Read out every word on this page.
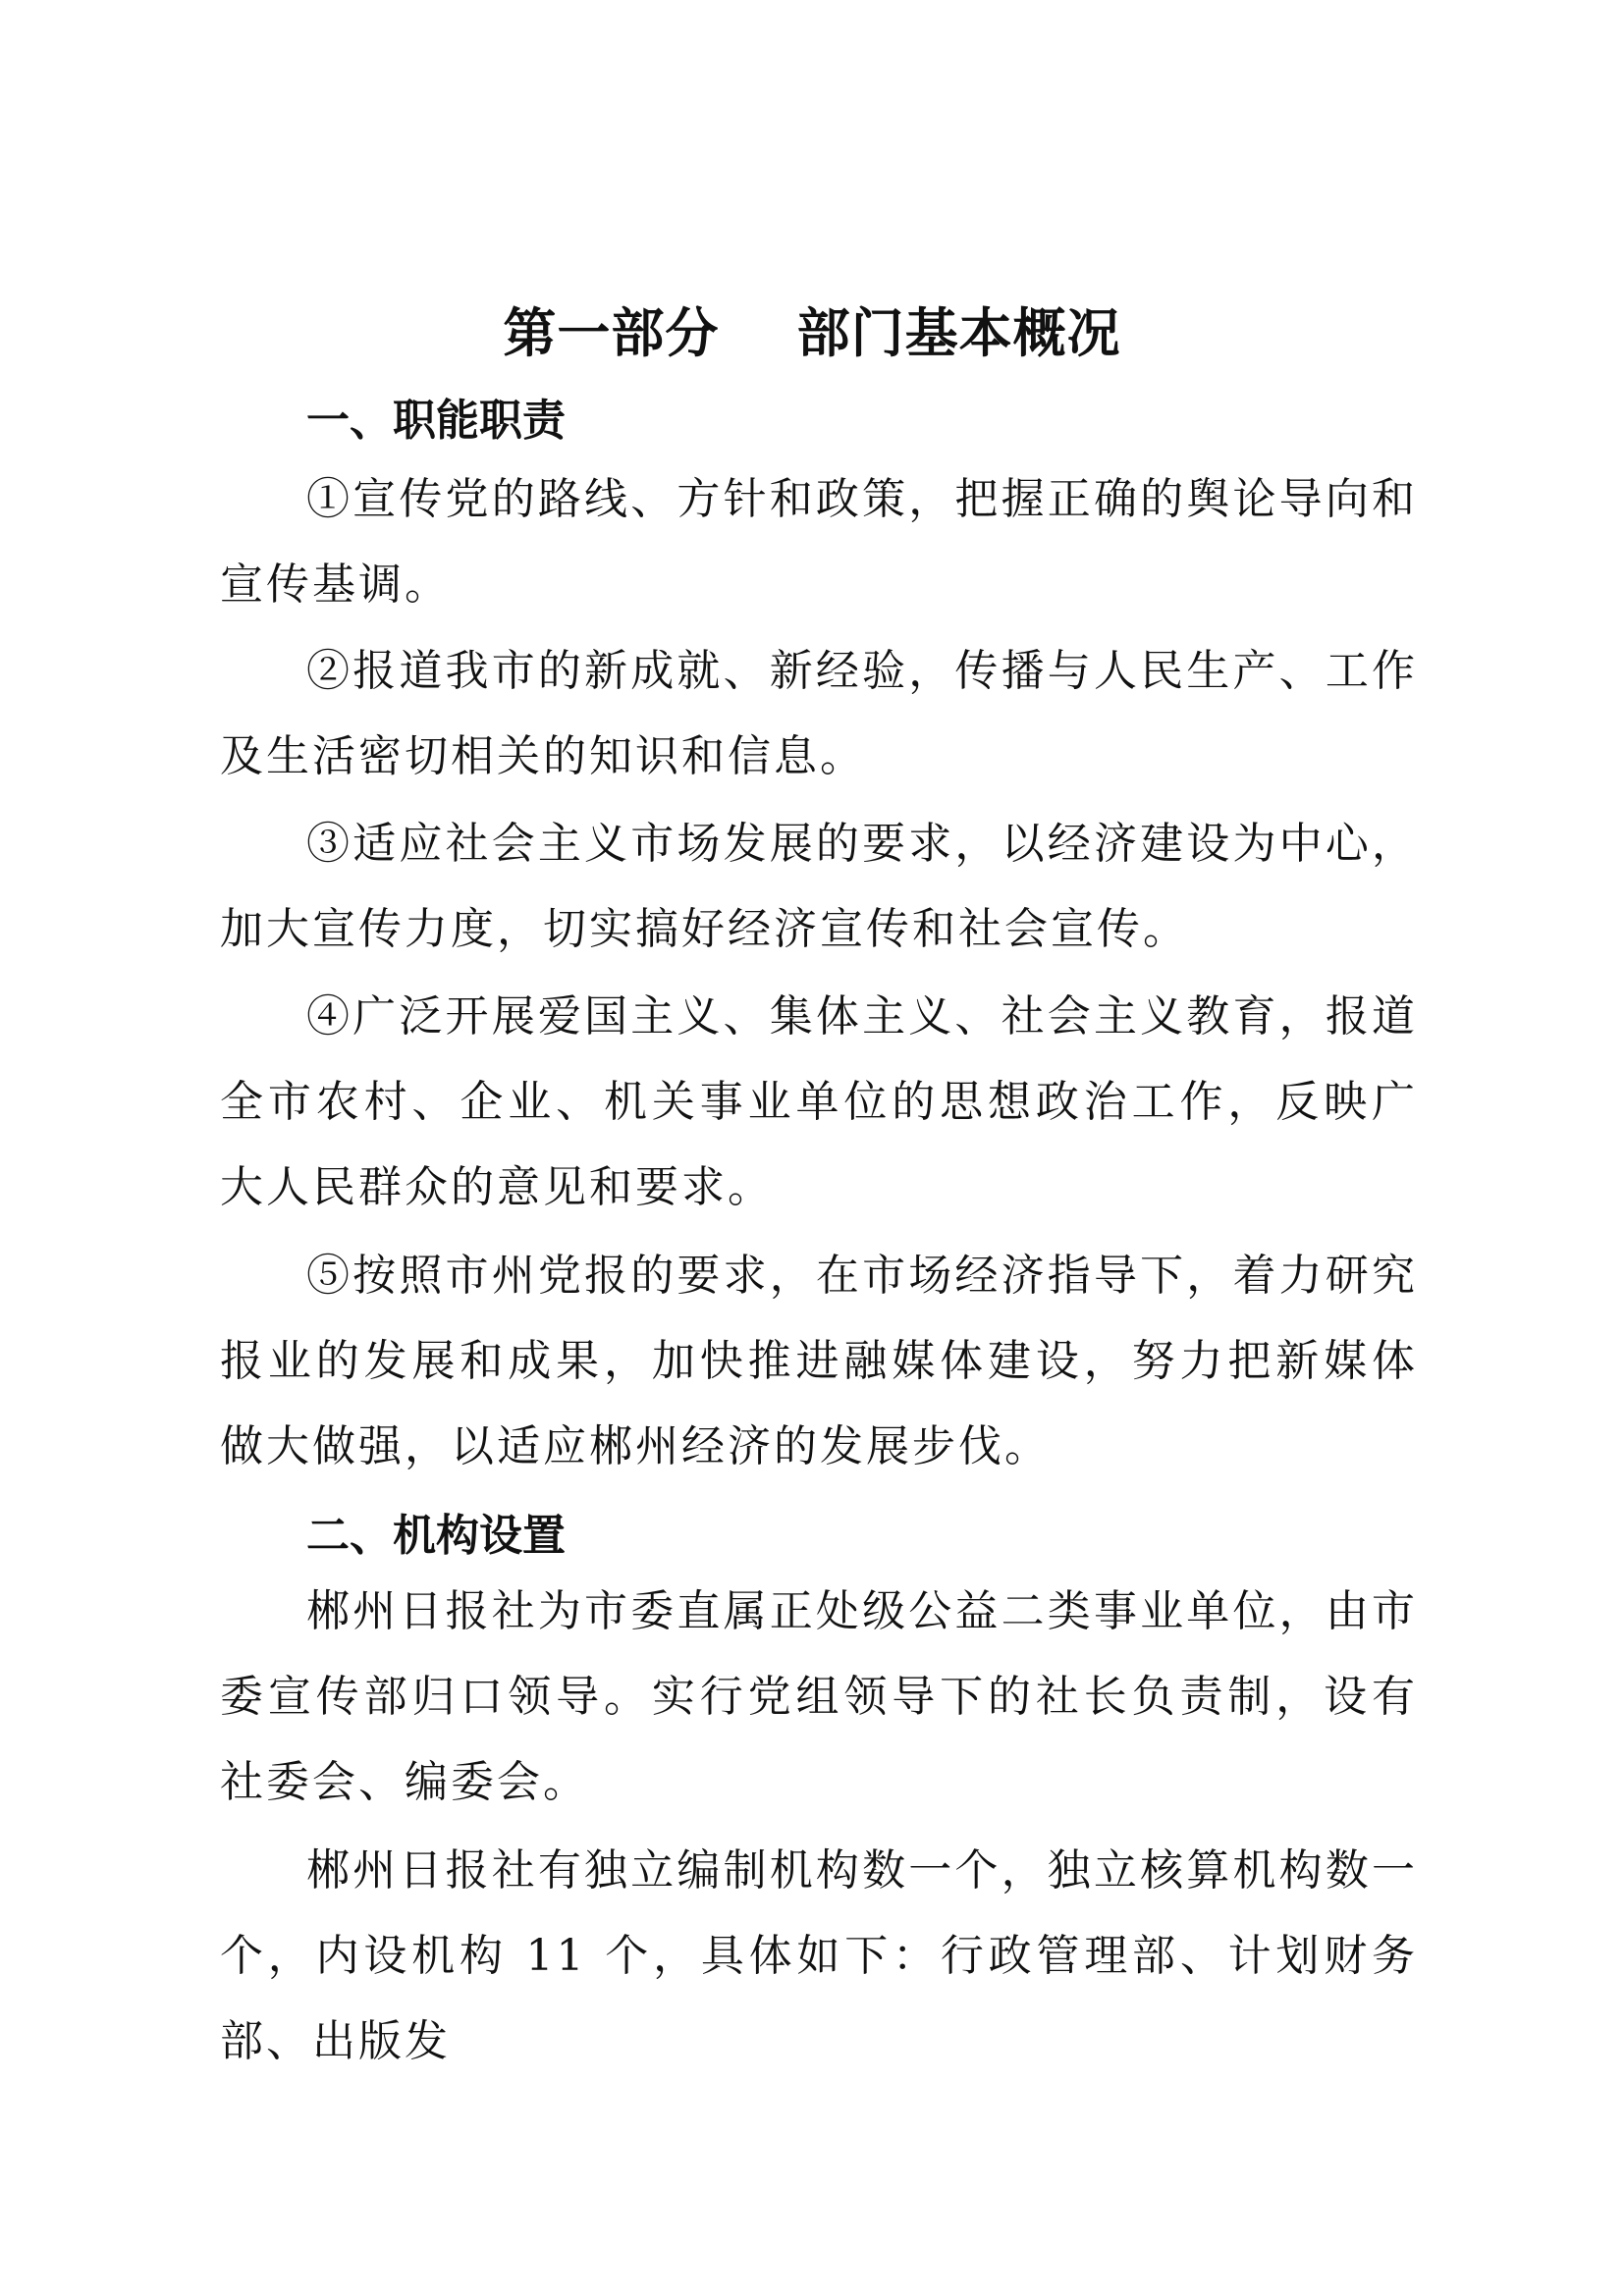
第一部分    部门基本概况
一、职能职责

①宣传党的路线、方针和政策，把握正确的舆论导向和宣传基调。

②报道我市的新成就、新经验，传播与人民生产、工作及生活密切相关的知识和信息。

③适应社会主义市场发展的要求，以经济建设为中心，加大宣传力度，切实搞好经济宣传和社会宣传。

④广泛开展爱国主义、集体主义、社会主义教育，报道全市农村、企业、机关事业单位的思想政治工作，反映广大人民群众的意见和要求。

⑤按照市州党报的要求，在市场经济指导下，着力研究报业的发展和成果，加快推进融媒体建设，努力把新媒体做大做强，以适应郴州经济的发展步伐。

二、机构设置

郴州日报社为市委直属正处级公益二类事业单位，由市委宣传部归口领导。实行党组领导下的社长负责制，设有社委会、编委会。

郴州日报社有独立编制机构数一个，独立核算机构数一个，内设机构 11 个，具体如下：行政管理部、计划财务部、出版发
